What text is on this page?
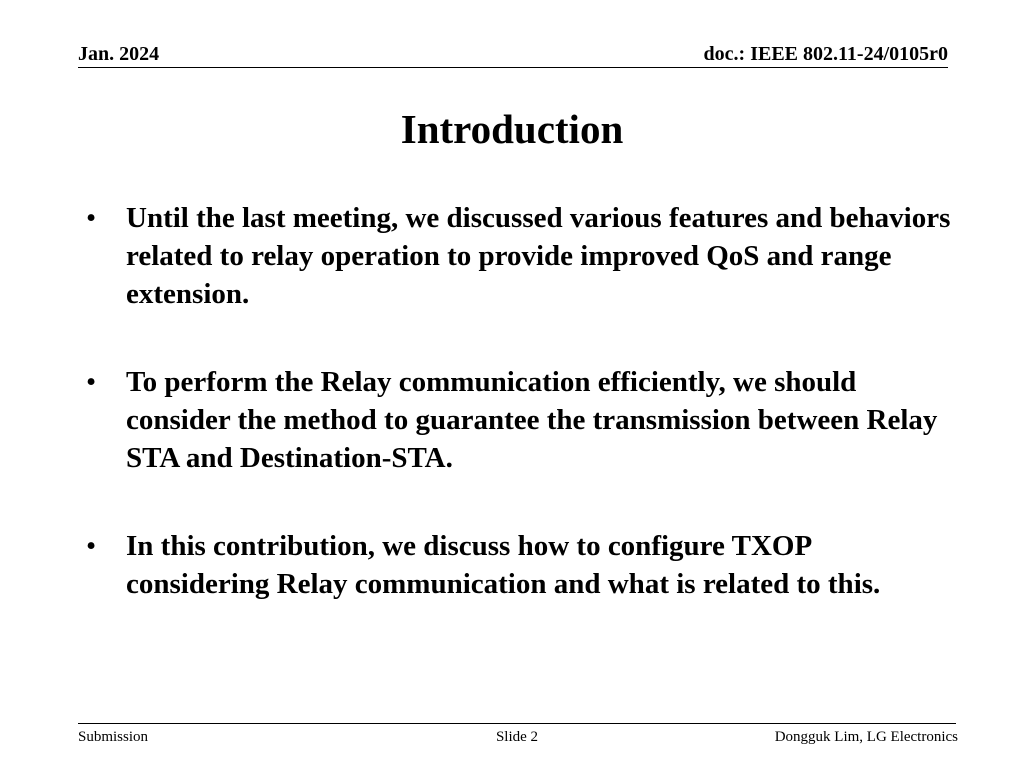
Jan. 2024	doc.: IEEE 802.11-24/0105r0
Introduction
• Until the last meeting, we discussed various features and behaviors related to relay operation to provide improved QoS and range extension.
• To perform the Relay communication efficiently, we should consider the method to guarantee the transmission between Relay STA and Destination-STA.
• In this contribution, we discuss how to configure TXOP considering Relay communication and what is related to this.
Submission	Slide 2	Dongguk Lim, LG Electronics
